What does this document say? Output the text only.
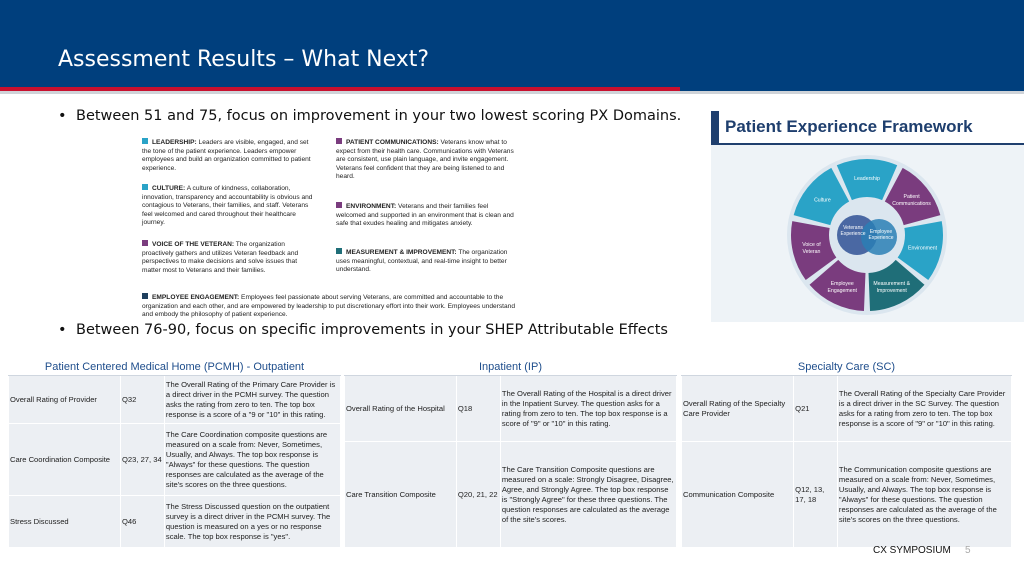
Assessment Results – What Next?
• Between 51 and 75, focus on improvement in your two lowest scoring PX Domains.
LEADERSHIP: Leaders are visible, engaged, and set the tone of the patient experience. Leaders empower employees and build an organization committed to patient experience.
CULTURE: A culture of kindness, collaboration, innovation, transparency and accountability is obvious and contagious to Veterans, their families, and staff. Veterans feel welcomed and cared throughout their healthcare journey.
VOICE OF THE VETERAN: The organization proactively gathers and utilizes Veteran feedback and perspectives to make decisions and solve issues that matter most to Veterans and their families.
PATIENT COMMUNICATIONS: Veterans know what to expect from their health care. Communications with Veterans are consistent, use plain language, and invite engagement. Veterans feel confident that they are being listened to and heard.
ENVIRONMENT: Veterans and their families feel welcomed and supported in an environment that is clean and safe that exudes healing and mitigates anxiety.
MEASUREMENT & IMPROVEMENT: The organization uses meaningful, contextual, and real-time insight to better understand.
EMPLOYEE ENGAGEMENT: Employees feel passionate about serving Veterans, are committed and accountable to the organization and each other, and are empowered by leadership to put discretionary effort into their work. Employees understand and embody the philosophy of patient experience.
• Between 76-90, focus on specific improvements in your SHEP Attributable Effects
Patient Experience Framework
Leadership
Patient
Communications
Environment
Measurement &
Improvement
Employee
Engagement
Voice of
Veteran
Culture
Veterans
Experience Employee
Experience
Patient Centered Medical Home (PCMH) - Outpatient		
Overall Rating of Provider	Q32	The Overall Rating of the Primary Care Provider is a direct driver in the PCMH survey. The question asks the rating from zero to ten. The top box response is a score of a "9 or "10" in this rating.
Care Coordination Composite	Q23, 27, 34	The Care Coordination composite questions are measured on a scale from: Never, Sometimes, Usually, and Always. The top box response is "Always" for these questions. The question responses are calculated as the average of the site's scores on the three questions.
Stress Discussed	Q46	The Stress Discussed question on the outpatient survey is a direct driver in the PCMH survey. The question is measured on a yes or no response scale. The top box response is "yes".
Inpatient (IP)		
Overall Rating of the Hospital	Q18	The Overall Rating of the Hospital is a direct driver in the Inpatient Survey. The question asks for a rating from zero to ten. The top box response is a score of "9" or "10" in this rating.
Care Transition Composite	Q20, 21, 22	The Care Transition Composite questions are measured on a scale: Strongly Disagree, Disagree, Agree, and Strongly Agree. The top box response is "Strongly Agree" for these three questions. The question responses are calculated as the average of the site's scores.
Specialty Care (SC)		
Overall Rating of the Specialty Care Provider	Q21	The Overall Rating of the Specialty Care Provider is a direct driver in the SC Survey. The question asks for a rating from zero to ten. The top box response is a score of "9" or "10" in this rating.
Communication Composite	Q12, 13, 17, 18	The Communication composite questions are measured on a scale from: Never, Sometimes, Usually, and Always. The top box response is "Always" for these questions. The question responses are calculated as the average of the site's scores on the three questions.
CX SYMPOSIUM 5
